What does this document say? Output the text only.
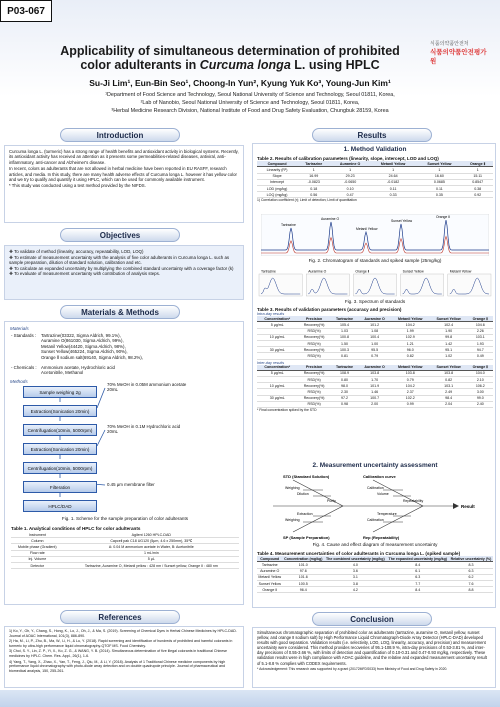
P03-067
Applicability of simultaneous determination of prohibited
color adulterants in Curcuma longa L. using HPLC
식품의약품안전처
식품의약품안전평가원
Su-Ji Lim¹, Eun-Bin Seo¹, Choong-In Yun², Kyung Yuk Ko³, Young-Jun Kim¹
¹Department of Food Science and Technology, Seoul National University of Science and Technology, Seoul 01811, Korea,
²Lab of Nanobio, Seoul National University of Science and Technology, Seoul 01811, Korea,
³Herbal Medicine Research Division, National Institute of Food and Drug Safety Evaluation, Chungbuk 28159, Korea
Introduction

Curcuma longa L. (turmeric) has a strong range of health benefits and antioxidant activity in biological systems. Recently, its antioxidant activity has received an attention as it presents some permeabilities-related diseases, antiviral, anti-inflammatory, anti-cancer and Alzheimer's disease.

In recent, colors as adulterants that are not allowed in herbal medicine have been reported in EU RASFF, research articles, and media. In this study, there are many health adverse effects of Curcuma longa L. however it has yellow color and we try to qualify and quantify it using HPLC, which can be used for commonly available instrument.

* This study was conducted using a test method provided by the NIFDS.

Objectives
❖ To validate of method (linearity, accuracy, repeatability, LOD, LOQ)
❖ To estimate of measurement uncertainty with the analysis of five color adulterants in Curcuma longa L. such as sample preparation, dilution of standard solution, calibration and etc.
❖ To calculate an expanded uncertainty by multiplying the combined standard uncertainty with a coverage factor (k)
❖ To evaluate of measurement uncertainty with contribution of analysis steps.
Materials & Methods
Materials
- Standards : Tartrazine(03322, Sigma Aldrich, 99.1%),
Auramine O(861030, Sigma Aldrich, 99%),
Metanil Yellow(44420, Sigma Aldrich, 98%),
Sunset Yellow(465224, Sigma Aldrich, 90%),
Orange Ⅱ sodium salt(69140, Sigma Aldrich, 98.2%),
- Chemicals : Ammonium acetate, Hydrochloric acid
Acetonitrile, Methanol
Methods
Sample weighing 2g
Extraction(Sonication 20min)
Centrifugation(10min, 5000rpm)
Extraction(Sonication 20min)
Centrifugation(10min, 5000rpm)
Filteration
HPLC/DAD
70% MeOH in 0.05M ammonium acetate 20mL
70% MeOH in 0.1M Hydrochloric acid 20mL
0.45 μm membrane filter
Fig. 1. Scheme for the sample preparation of color adulterants
Table 1. Analytical conditions of HPLC for color adulterants
Instrument	Agilent 1260 HPLC-DAD
Column	Capcell pak C18 UG120 (5μm, 4.6 x 250mm), 35℃
Mobile phase (Gradient)	A: 0.04 M ammonium acetate in Water, B: Acetonitrile
Flow rate	1 mL/min
Inj. Volume	5 μL
Detector	Tartrazine, Auramine O, Metanil yellow : 428 nm / Sunset yellow, Orange Ⅱ : 480 nm
References
1) Ko, Y., Oh, Y., Chang, S., Hong, K., Lo, J., Oh, J., & Ma, S. (2019). Screening of Chemical Dyes in Herbal Chinese Medicines by HPLC-DAD. Journal of AOAC International, 101(3), 886-890.
2) Ha, M., Li, P., Zhu, B., Ma, W., Li, H., & Lu, Y. (2018). Rapid screening and identification of hundreds of prohibited and harmful colorants in turmeric by ultra-high performance liquid chromatography-QTOF MS. Food Chemistry.
3) Choi, S. Y., Lin, Z. P., Yi, X., Ko, Z. G., & WANG, Y. B. (2014). Simultaneous determination of five illegal colorants in traditional Chinese medicines by HPLC. Chem. Res. Appl., 26(1), 1-6.
4) Yang, T., Yang, X., Zhao, X., Yan, T., Feng, J., Qiu, M., & Li, Y. (2018). Analysis of 1 Traditional Chinese medicine components by high performance liquid chromatography with photo-diode array detection and on double quadrupole principle. Journal of pharmaceutical and biomedical analysis, 150, 255-261.
Results
1. Method Validation
Table 2. Results of calibration parameters (linearity, slope, intercept, LOD and LOQ)
Compound	Tartrazine	Auramine O	Metanil Yellow	Sunset Yellow	Orange Ⅱ
Linearity (R²)	1	1	1	1	1
Slope	16.99	29.23	24.64	16.60	15.11
Intercept	-0.0823	-0.0650	-0.0182	0.0685	0.8547
LOD (mg/kg)	0.18	0.10	0.11	0.11	0.38
LOQ (mg/kg)	0.56	0.47	0.33	0.35	0.92
1) Correlation coefficient (r); Limit of detection; Limit of quantitation
Tartrazine
Auramine O
Metanil Yellow
Sunset Yellow
Orange Ⅱ
Fig. 2. Chromatogram of standards and spiked sample (25mg/kg)
Tartrazine	Auramine O	Orange Ⅱ	Sunset Yellow	Metanil Yellow
Fig. 3. Spectrum of standards
Table 3. Results of validation parameters (accuracy and precision)
Intra-day results
Concentration*	Precision	Tartrazine	Auramine O	Metanil Yellow	Sunset Yellow	Orange Ⅱ
5 μg/mL	Recovery(%)	105.4	101.2	104.2	102.4	104.6
	RSD(%)	1.03	1.08	1.99	1.90	2.26
10 μg/mL	Recovery(%)	100.8	100.4	102.9	99.8	103.1
	RSD(%)	1.50	1.00	1.21	1.42	1.93
30 μg/mL	Recovery(%)	100.3	95.5	96.0	95.1	94.7
	RSD(%)	0.81	0.79	0.82	1.02	0.49
Inter-day results
Concentration*	Precision	Tartrazine	Auramine O	Metanil Yellow	Sunset Yellow	Orange Ⅱ
5 μg/mL	Recovery(%)	108.9	103.8	103.8	103.8	104.0
	RSD(%)	0.80	1.70	0.79	0.82	2.10
10 μg/mL	Recovery(%)	98.0	101.9	104.2	103.1	106.2
	RSD(%)	2.30	1.46	2.37	2.49	3.00
30 μg/mL	Recovery(%)	97.2	100.7	102.2	98.4	99.0
	RSD(%)	0.98	2.00	0.99	2.04	2.40
* Final concentration spiked by the STD
2. Measurement uncertainty assessment
STD (Standard Solution)	Calibration curve
SP (Sample Preparation)	Rep (Repeatability)
Result
Weighing
Dilution
Calibration
Volume
Purity	Repeatability
Weighing
Extraction
Calibration
Temperature
Fig. 4. Cause and effect diagram of measurement uncertainty
Table 4. Measurement uncertainties of color adulterants in Curcuma longa L. (spiked sample)
Compound	Concentration (mg/kg)	The combined uncertainty (mg/kg)	The expanded uncertainty (mg/kg)	Relative uncertainty (%)
Tartrazine	101.0	4.0	8.4	8.3
Auramine O	97.6	3.6	6.1	6.3
Metanil Yellow	101.6	3.1	6.3	6.2
Sunset Yellow	100.5	3.8	7.7	7.6
Orange Ⅱ	96.4	4.2	8.4	8.8
Conclusion

Simultaneous chromatographic separation of prohibited color as adulterants (tartrazine, auramine O, metanil yellow, sunset yellow, and orange Ⅱ sodium salt) by High Performance Liquid Chromatograph-Diode Array Detector (HPLC-DAD) developed results with good separation. Validation results (i.e. selectivity, LOD, LOQ, linearity, accuracy, and precision) and measurement uncertainty were considered. This method provides recoveries of 95.1-108.9 %, intra-day precisions of 0.53-3.81 %, and inter-day precisions of 0.55-3.66 %, with limits of detection and quantification of 0.10-0.31 and 0.47-0.93 mg/kg, respectively. These validation results were in high compliance with AOAC guideline, and the relative and expanded measurement uncertainty result of 5.1-8.8 % complies with CODEX requirements.

* Acknowledgement: This research was supported by a grant (20172MFDS033) from Ministry of Food and Drug Safety in 2020.
